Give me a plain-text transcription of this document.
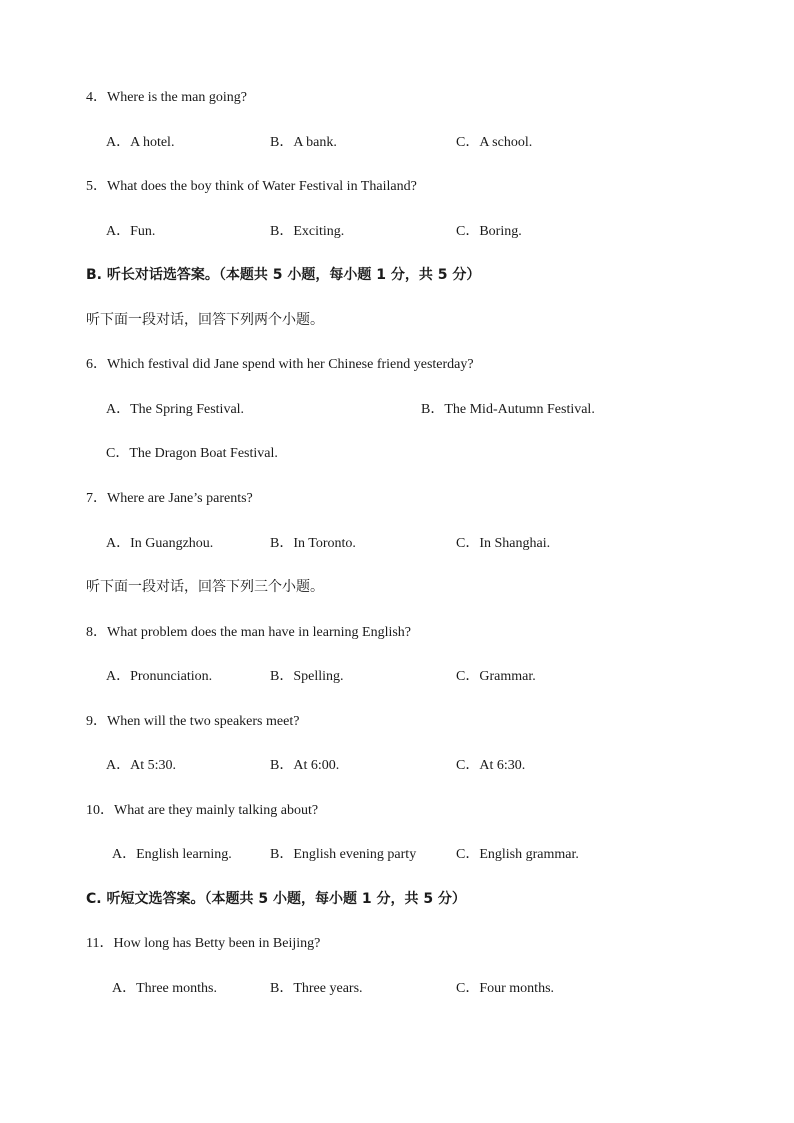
4．Where is the man going?
A．A hotel.	B．A bank.	C．A school.
5．What does the boy think of Water Festival in Thailand?
A．Fun.	B．Exciting.	C．Boring.
B. 听长对话选答案。（本题共 5 小题，每小题 1 分，共 5 分）
听下面一段对话，回答下列两个小题。
6．Which festival did Jane spend with her Chinese friend yesterday?
A．The Spring Festival.	B．The Mid-Autumn Festival.
C．The Dragon Boat Festival.
7．Where are Jane’s parents?
A．In Guangzhou.	B．In Toronto.	C．In Shanghai.
听下面一段对话，回答下列三个小题。
8．What problem does the man have in learning English?
A．Pronunciation.	B．Spelling.	C．Grammar.
9．When will the two speakers meet?
A．At 5:30.	B．At 6:00.	C．At 6:30.
10．What are they mainly talking about?
A．English learning.	B．English evening party	C．English grammar.
C. 听短文选答案。（本题共 5 小题，每小题 1 分，共 5 分）
11．How long has Betty been in Beijing?
A．Three months.	B．Three years.	C．Four months.
